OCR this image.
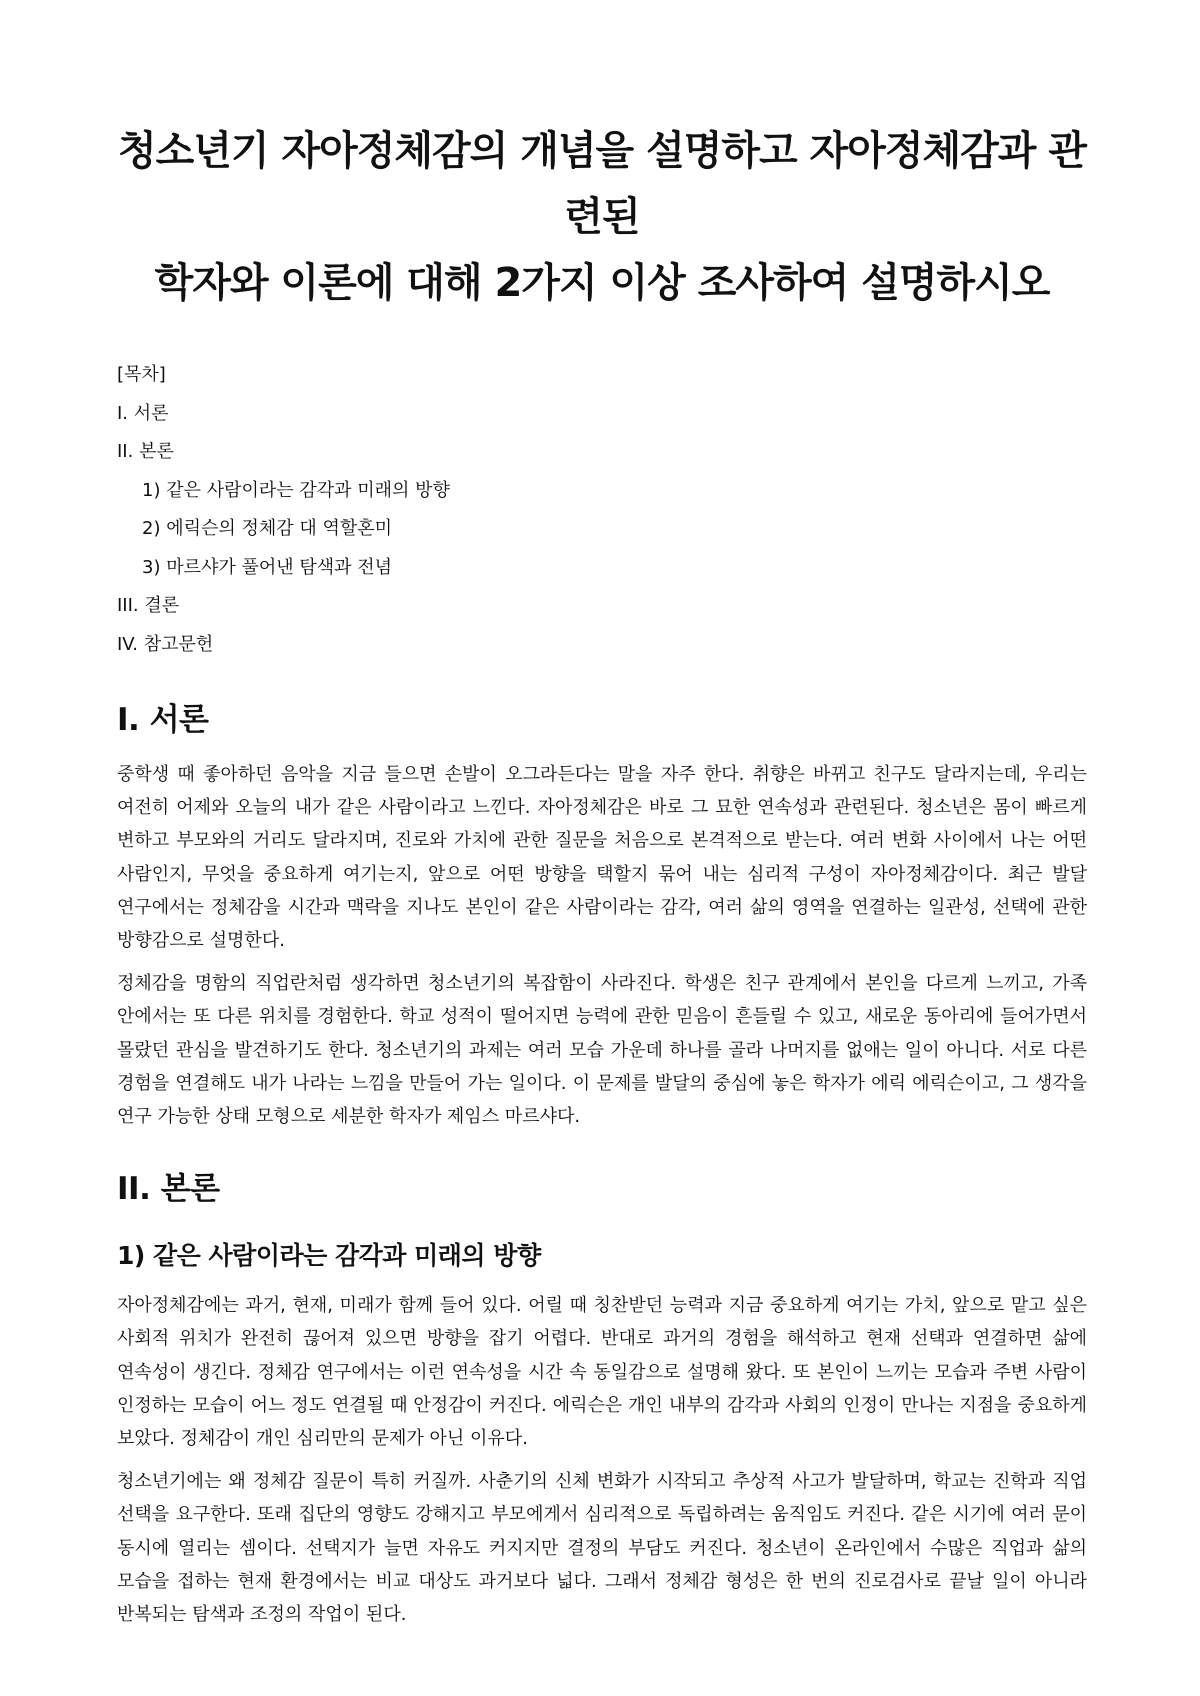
청소년기 자아정체감의 개념을 설명하고 자아정체감과 관련된
학자와 이론에 대해 2가지 이상 조사하여 설명하시오
[목차]
I. 서론
II. 본론
1) 같은 사람이라는 감각과 미래의 방향
2) 에릭슨의 정체감 대 역할혼미
3) 마르샤가 풀어낸 탐색과 전념
III. 결론
IV. 참고문헌
I. 서론

중학생 때 좋아하던 음악을 지금 들으면 손발이 오그라든다는 말을 자주 한다. 취향은 바뀌고 친구도 달라지는데, 우리는 여전히 어제와 오늘의 내가 같은 사람이라고 느낀다. 자아정체감은 바로 그 묘한 연속성과 관련된다. 청소년은 몸이 빠르게 변하고 부모와의 거리도 달라지며, 진로와 가치에 관한 질문을 처음으로 본격적으로 받는다. 여러 변화 사이에서 나는 어떤 사람인지, 무엇을 중요하게 여기는지, 앞으로 어떤 방향을 택할지 묶어 내는 심리적 구성이 자아정체감이다. 최근 발달 연구에서는 정체감을 시간과 맥락을 지나도 본인이 같은 사람이라는 감각, 여러 삶의 영역을 연결하는 일관성, 선택에 관한 방향감으로 설명한다.

정체감을 명함의 직업란처럼 생각하면 청소년기의 복잡함이 사라진다. 학생은 친구 관계에서 본인을 다르게 느끼고, 가족 안에서는 또 다른 위치를 경험한다. 학교 성적이 떨어지면 능력에 관한 믿음이 흔들릴 수 있고, 새로운 동아리에 들어가면서 몰랐던 관심을 발견하기도 한다. 청소년기의 과제는 여러 모습 가운데 하나를 골라 나머지를 없애는 일이 아니다. 서로 다른 경험을 연결해도 내가 나라는 느낌을 만들어 가는 일이다. 이 문제를 발달의 중심에 놓은 학자가 에릭 에릭슨이고, 그 생각을 연구 가능한 상태 모형으로 세분한 학자가 제임스 마르샤다.

II. 본론
1) 같은 사람이라는 감각과 미래의 방향

자아정체감에는 과거, 현재, 미래가 함께 들어 있다. 어릴 때 칭찬받던 능력과 지금 중요하게 여기는 가치, 앞으로 맡고 싶은 사회적 위치가 완전히 끊어져 있으면 방향을 잡기 어렵다. 반대로 과거의 경험을 해석하고 현재 선택과 연결하면 삶에 연속성이 생긴다. 정체감 연구에서는 이런 연속성을 시간 속 동일감으로 설명해 왔다. 또 본인이 느끼는 모습과 주변 사람이 인정하는 모습이 어느 정도 연결될 때 안정감이 커진다. 에릭슨은 개인 내부의 감각과 사회의 인정이 만나는 지점을 중요하게 보았다. 정체감이 개인 심리만의 문제가 아닌 이유다.

청소년기에는 왜 정체감 질문이 특히 커질까. 사춘기의 신체 변화가 시작되고 추상적 사고가 발달하며, 학교는 진학과 직업 선택을 요구한다. 또래 집단의 영향도 강해지고 부모에게서 심리적으로 독립하려는 움직임도 커진다. 같은 시기에 여러 문이 동시에 열리는 셈이다. 선택지가 늘면 자유도 커지지만 결정의 부담도 커진다. 청소년이 온라인에서 수많은 직업과 삶의 모습을 접하는 현재 환경에서는 비교 대상도 과거보다 넓다. 그래서 정체감 형성은 한 번의 진로검사로 끝날 일이 아니라 반복되는 탐색과 조정의 작업이 된다.
